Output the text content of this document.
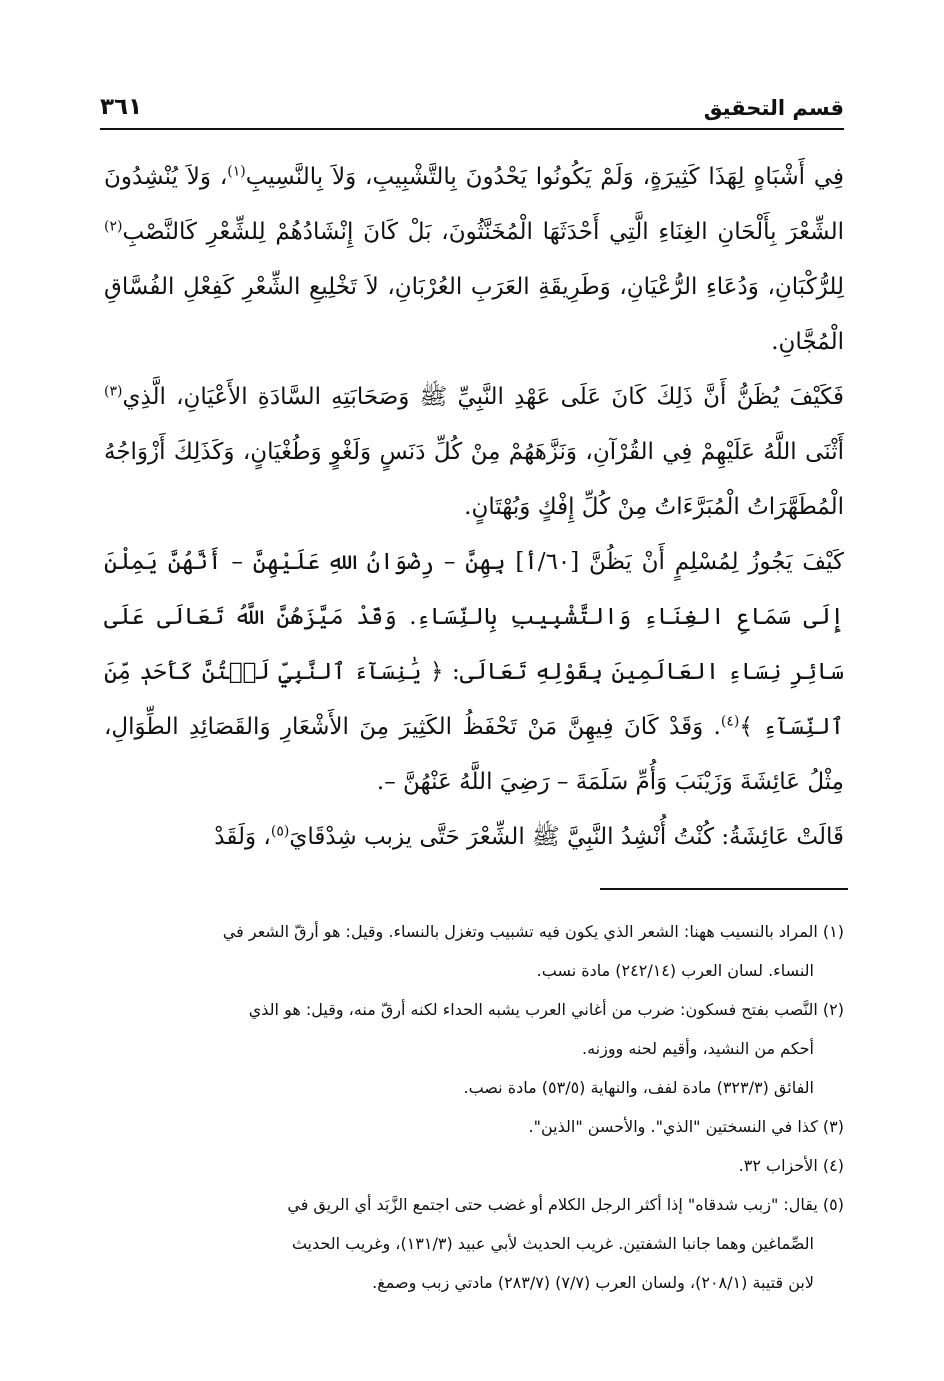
قسم التحقيق
٣٦١

فِي أَشْبَاهٍ لِهَذَا كَثِيرَةٍ، وَلَمْ يَكُونُوا يَحْدُونَ بِالتَّشْبِيبِ، وَلاَ بِالنَّسِيبِ$^{(١)}$، وَلاَ يُنْشِدُونَ الشِّعْرَ بِأَلْحَانِ الغِنَاءِ الَّتِي أَحْدَثَهَا الْمُخَنَّثُونَ، بَلْ كَانَ إِنْشَادُهُمْ لِلشِّعْرِ كَالنَّصْبِ$^{(٢)}$ لِلرُّكْبَانِ، وَدُعَاءِ الرُّعْيَانِ، وَطَرِيقَةِ العَرَبِ العُرْبَانِ، لاَ تَخْلِيعِ الشِّعْرِ كَفِعْلِ الفُسَّاقِ الْمُجَّانِ.

فَكَيْفَ يُظَنُّ أَنَّ ذَلِكَ كَانَ عَلَى عَهْدِ النَّبِيِّ ﷺ وَصَحَابَتِهِ السَّادَةِ الأَعْيَانِ، الَّذِي$^{(٣)}$ أَثْنَى اللَّهُ عَلَيْهِمْ فِي القُرْآنِ، وَنَزَّهَهُمْ مِنْ كُلِّ دَنَسٍ وَلَغْوٍ وَطُغْيَانٍ، وَكَذَلِكَ أَزْوَاجُهُ الْمُطَهَّرَاتُ الْمُبَرَّءَاتُ مِنْ كُلِّ إِفْكٍ وَبُهْتَانٍ.

كَيْفَ يَجُوزُ لِمُسْلِمٍ أَنْ يَظُنَّ [٦٠/أ] بِهِنَّ – رِضْوَانُ اللهِ عَلَيْهِنَّ – أَنَّهُنَّ يَمِلْنَ إِلَى سَمَاعِ الغِنَاءِ وَالتَّشْبِيبِ بِالنِّسَاءِ. وَقَدْ مَيَّزَهُنَّ اللَّهُ تَعَالَى عَلَى سَائِرِ نِسَاءِ العَالَمِينَ بِقَوْلِهِ تَعَالَى: ﴿ يَٰنِسَآءَ ٱلنَّبِيِّ لَسۡتُنَّ كَأَحَدٖ مِّنَ ٱلنِّسَآءِ ﴾$^{(٤)}$. وَقَدْ كَانَ فِيهِنَّ مَنْ تَحْفَظُ الكَثِيرَ مِنَ الأَشْعَارِ وَالقَصَائِدِ الطِّوَالِ، مِثْلُ عَائِشَةَ وَزَيْنَبَ وَأُمِّ سَلَمَةَ – رَضِيَ اللَّهُ عَنْهُنَّ –.

قَالَتْ عَائِشَةُ: كُنْتُ أُنْشِدُ النَّبِيَّ ﷺ الشِّعْرَ حَتَّى يزبب شِدْقَايَ$^{(٥)}$، وَلَقَدْ

(١) المراد بالنسيب ههنا: الشعر الذي يكون فيه تشبيب وتغزل بالنساء. وقيل: هو أرقّ الشعر في

النساء. لسان العرب (٢٤٢/١٤) مادة نسب.

(٢) النَّصب بفتح فسكون: ضرب من أغاني العرب يشبه الحداء لكنه أرقّ منه، وقيل: هو الذي

أحكم من النشيد، وأقيم لحنه ووزنه.

الفائق (٣٢٣/٣) مادة لفف، والنهاية (٥٣/٥) مادة نصب.

(٣) كذا في النسختين "الذي". والأحسن "الذين".

(٤) الأحزاب ٣٢.

(٥) يقال: "زبب شدقاه" إذا أكثر الرجل الكلام أو غضب حتى اجتمع الزَّبَد أي الريق في

الصِّماغين وهما جانبا الشفتين. غريب الحديث لأبي عبيد (١٣١/٣)، وغريب الحديث

لابن قتيبة (٢٠٨/١)، ولسان العرب (٧/٧) (٢٨٣/٧) مادتي زبب وصمغ.
